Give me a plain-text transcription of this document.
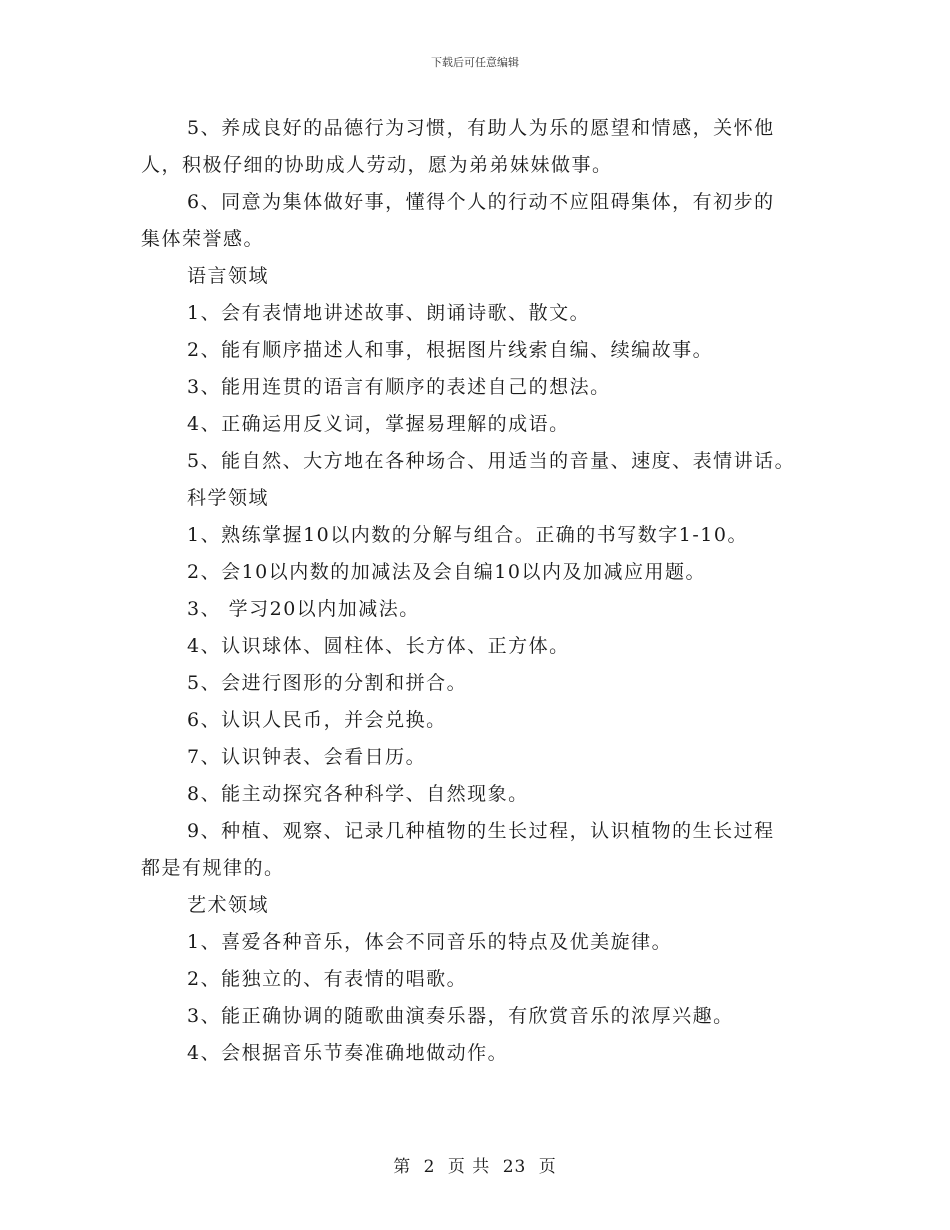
下载后可任意编辑
5、养成良好的品德行为习惯，有助人为乐的愿望和情感，关怀他
人，积极仔细的协助成人劳动，愿为弟弟妹妹做事。
6、同意为集体做好事，懂得个人的行动不应阻碍集体，有初步的
集体荣誉感。
语言领域
1、会有表情地讲述故事、朗诵诗歌、散文。
2、能有顺序描述人和事，根据图片线索自编、续编故事。
3、能用连贯的语言有顺序的表述自己的想法。
4、正确运用反义词，掌握易理解的成语。
5、能自然、大方地在各种场合、用适当的音量、速度、表情讲话。
科学领域
1、熟练掌握10以内数的分解与组合。正确的书写数字1-10。
2、会10以内数的加减法及会自编10以内及加减应用题。
3、 学习20以内加减法。
4、认识球体、圆柱体、长方体、正方体。
5、会进行图形的分割和拼合。
6、认识人民币，并会兑换。
7、认识钟表、会看日历。
8、能主动探究各种科学、自然现象。
9、种植、观察、记录几种植物的生长过程，认识植物的生长过程
都是有规律的。
艺术领域
1、喜爱各种音乐，体会不同音乐的特点及优美旋律。
2、能独立的、有表情的唱歌。
3、能正确协调的随歌曲演奏乐器，有欣赏音乐的浓厚兴趣。
4、会根据音乐节奏准确地做动作。
第 2 页 共 23 页
